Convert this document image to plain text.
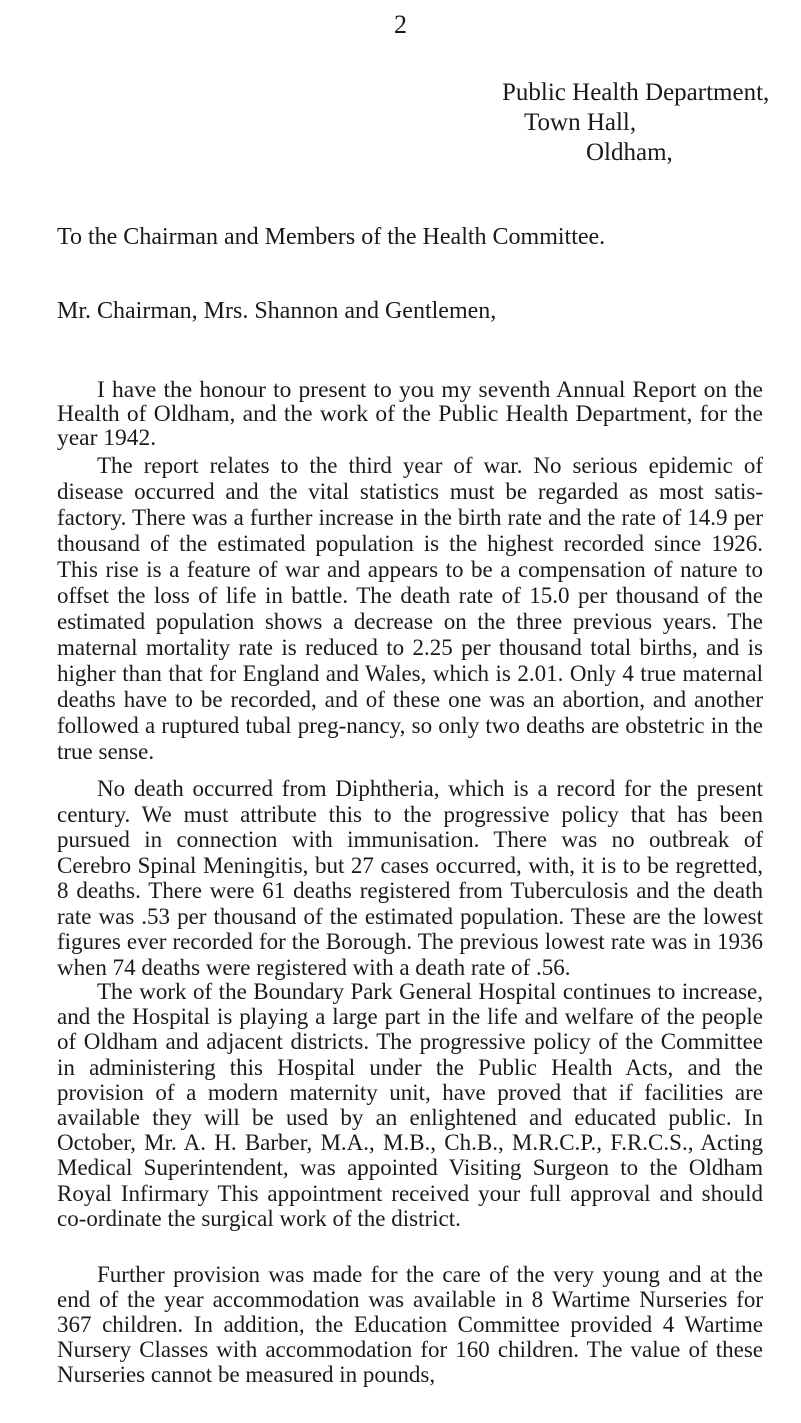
2
Public Health Department,
Town Hall,
Oldham,
To the Chairman and Members of the Health Committee.
Mr. Chairman, Mrs. Shannon and Gentlemen,

I have the honour to present to you my seventh Annual Report on the Health of Oldham, and the work of the Public Health Department, for the year 1942.

The report relates to the third year of war. No serious epidemic of disease occurred and the vital statistics must be regarded as most satis-factory. There was a further increase in the birth rate and the rate of 14.9 per thousand of the estimated population is the highest recorded since 1926. This rise is a feature of war and appears to be a compensation of nature to offset the loss of life in battle. The death rate of 15.0 per thousand of the estimated population shows a decrease on the three previous years. The maternal mortality rate is reduced to 2.25 per thousand total births, and is higher than that for England and Wales, which is 2.01. Only 4 true maternal deaths have to be recorded, and of these one was an abortion, and another followed a ruptured tubal preg-nancy, so only two deaths are obstetric in the true sense.

No death occurred from Diphtheria, which is a record for the present century. We must attribute this to the progressive policy that has been pursued in connection with immunisation. There was no outbreak of Cerebro Spinal Meningitis, but 27 cases occurred, with, it is to be regretted, 8 deaths. There were 61 deaths registered from Tuberculosis and the death rate was .53 per thousand of the estimated population. These are the lowest figures ever recorded for the Borough. The previous lowest rate was in 1936 when 74 deaths were registered with a death rate of .56.

The work of the Boundary Park General Hospital continues to increase, and the Hospital is playing a large part in the life and welfare of the people of Oldham and adjacent districts. The progressive policy of the Committee in administering this Hospital under the Public Health Acts, and the provision of a modern maternity unit, have proved that if facilities are available they will be used by an enlightened and educated public. In October, Mr. A. H. Barber, M.A., M.B., Ch.B., M.R.C.P., F.R.C.S., Acting Medical Superintendent, was appointed Visiting Surgeon to the Oldham Royal Infirmary This appointment received your full approval and should co-ordinate the surgical work of the district.

Further provision was made for the care of the very young and at the end of the year accommodation was available in 8 Wartime Nurseries for 367 children. In addition, the Education Committee provided 4 Wartime Nursery Classes with accommodation for 160 children. The value of these Nurseries cannot be measured in pounds,
